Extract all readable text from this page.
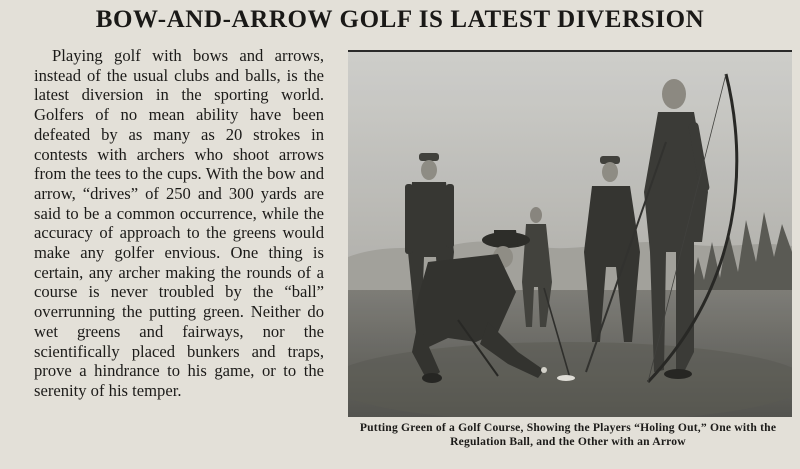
BOW-AND-ARROW GOLF IS LATEST DIVERSION

Playing golf with bows and arrows, instead of the usual clubs and balls, is the latest diversion in the sporting world. Golfers of no mean ability have been defeated by as many as 20 strokes in contests with archers who shoot arrows from the tees to the cups. With the bow and arrow, “drives” of 250 and 300 yards are said to be a common occurrence, while the accuracy of approach to the greens would make any golfer envious. One thing is certain, any archer making the rounds of a course is never troubled by the “ball” overrunning the putting green. Neither do wet greens and fairways, nor the scientifically placed bunkers and traps, prove a hindrance to his game, or to the serenity of his temper.

Putting Green of a Golf Course, Showing the Players “Holing Out,” One with the Regulation Ball, and the Other with an Arrow
